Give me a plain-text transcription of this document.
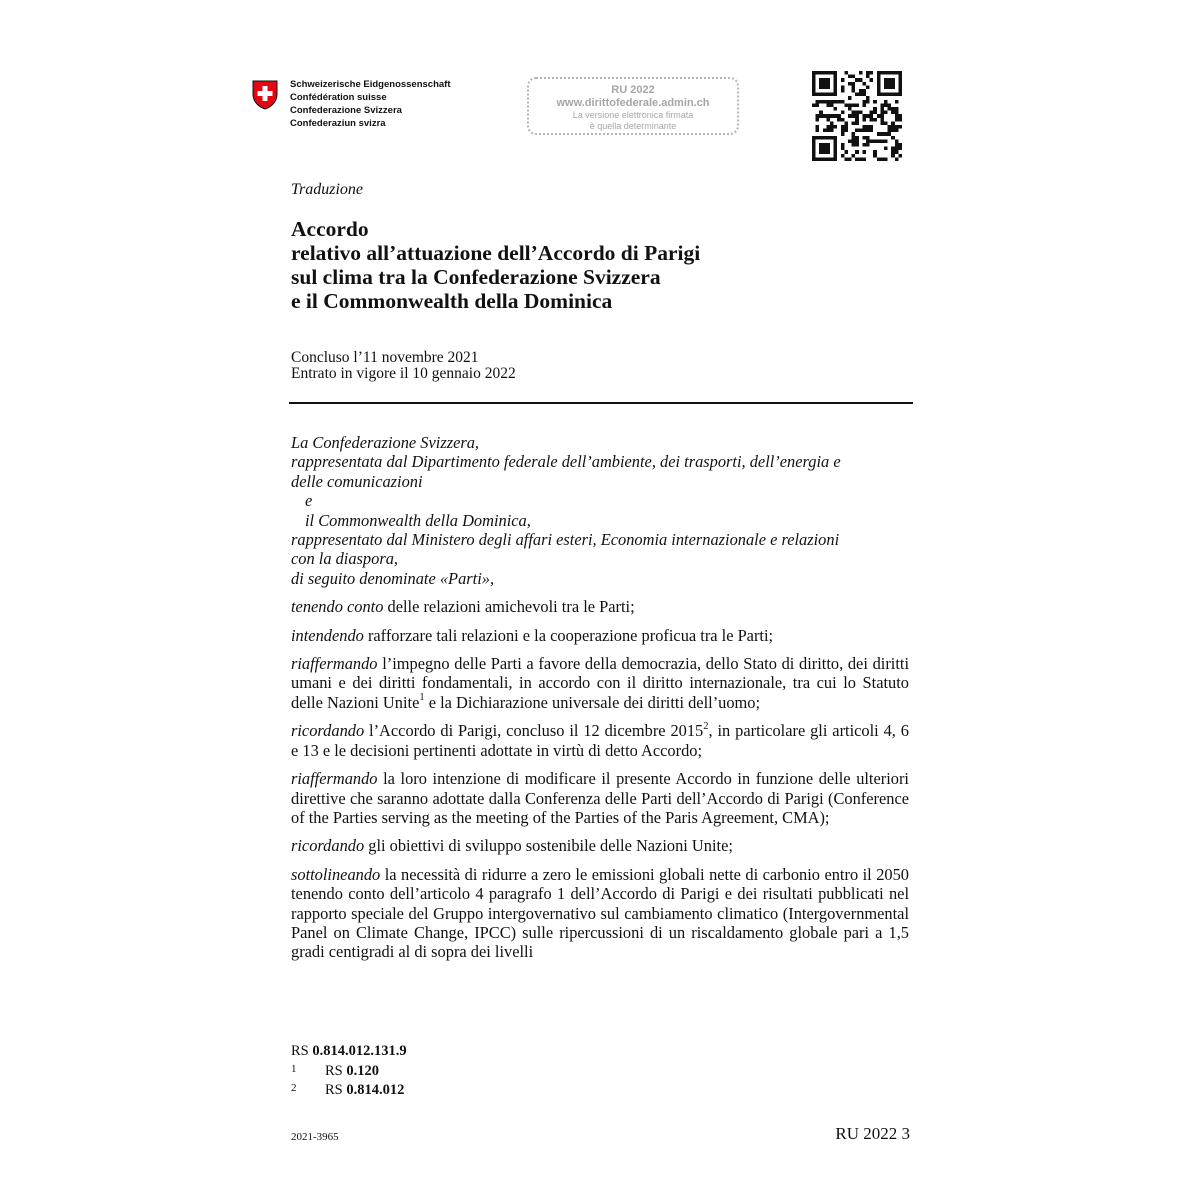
Schweizerische Eidgenossenschaft
Confédération suisse
Confederazione Svizzera
Confederaziun svizra
RU 2022
www.dirittofederale.admin.ch
La versione elettronica firmata
è quella determinante
Traduzione
Accordo
relativo all’attuazione dell’Accordo di Parigi
sul clima tra la Confederazione Svizzera
e il Commonwealth della Dominica
Concluso l’11 novembre 2021
Entrato in vigore il 10 gennaio 2022
La Confederazione Svizzera,
rappresentata dal Dipartimento federale dell’ambiente, dei trasporti, dell’energia e
delle comunicazioni
e
il Commonwealth della Dominica,
rappresentato dal Ministero degli affari esteri, Economia internazionale e relazioni
con la diaspora,
di seguito denominate «Parti»,

tenendo conto delle relazioni amichevoli tra le Parti;

intendendo rafforzare tali relazioni e la cooperazione proficua tra le Parti;

riaffermando l’impegno delle Parti a favore della democrazia, dello Stato di diritto, dei diritti umani e dei diritti fondamentali, in accordo con il diritto internazionale, tra cui lo Statuto delle Nazioni Unite$^1$ e la Dichiarazione universale dei diritti dell’uomo;

ricordando l’Accordo di Parigi, concluso il 12 dicembre 2015$^2$, in particolare gli articoli 4, 6 e 13 e le decisioni pertinenti adottate in virtù di detto Accordo;

riaffermando la loro intenzione di modificare il presente Accordo in funzione delle ulteriori direttive che saranno adottate dalla Conferenza delle Parti dell’Accordo di Parigi (Conference of the Parties serving as the meeting of the Parties of the Paris Agreement, CMA);

ricordando gli obiettivi di sviluppo sostenibile delle Nazioni Unite;

sottolineando la necessità di ridurre a zero le emissioni globali nette di carbonio entro il 2050 tenendo conto dell’articolo 4 paragrafo 1 dell’Accordo di Parigi e dei risultati pubblicati nel rapporto speciale del Gruppo intergovernativo sul cambiamento climatico (Intergovernmental Panel on Climate Change, IPCC) sulle ripercussioni di un riscaldamento globale pari a 1,5 gradi centigradi al di sopra dei livelli

RS 0.814.012.131.9
1 RS 0.120
2 RS 0.814.012
2021-3965	RU 2022 3
